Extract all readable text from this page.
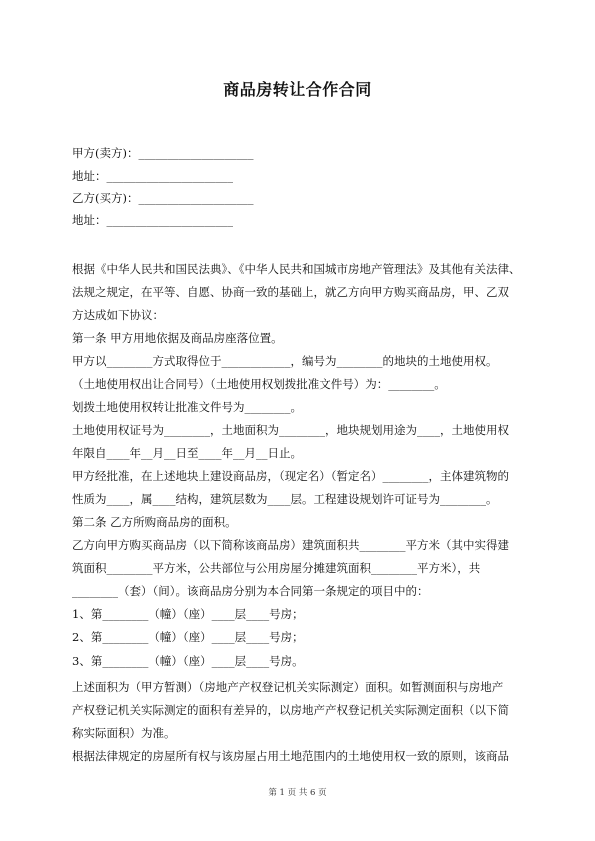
商品房转让合作合同
甲方(卖方)：____________________
地址：______________________
乙方(买方)：____________________
地址：______________________
根据《中华人民共和国民法典》、《中华人民共和国城市房地产管理法》及其他有关法律、
法规之规定，在平等、自愿、协商一致的基础上，就乙方向甲方购买商品房，甲、乙双
方达成如下协议：
第一条 甲方用地依据及商品房座落位置。
甲方以________方式取得位于____________，编号为________的地块的土地使用权。
（土地使用权出让合同号）（土地使用权划拨批准文件号）为：________。
划拨土地使用权转让批准文件号为________。
土地使用权证号为________，土地面积为________，地块规划用途为____，土地使用权
年限自____年__月__日至____年__月__日止。
甲方经批准，在上述地块上建设商品房，（现定名）（暂定名）________，主体建筑物的
性质为____，属____结构，建筑层数为____层。工程建设规划许可证号为________。
第二条 乙方所购商品房的面积。
乙方向甲方购买商品房（以下简称该商品房）建筑面积共________平方米（其中实得建
筑面积________平方米，公共部位与公用房屋分摊建筑面积________平方米），共
________（套）（间）。该商品房分别为本合同第一条规定的项目中的：
1、第________（幢）（座）____层____号房；
2、第________（幢）（座）____层____号房；
3、第________（幢）（座）____层____号房。
上述面积为（甲方暂测）（房地产产权登记机关实际测定）面积。如暂测面积与房地产
产权登记机关实际测定的面积有差异的，以房地产产权登记机关实际测定面积（以下简
称实际面积）为准。
根据法律规定的房屋所有权与该房屋占用土地范围内的土地使用权一致的原则，该商品
第 1 页 共 6 页
